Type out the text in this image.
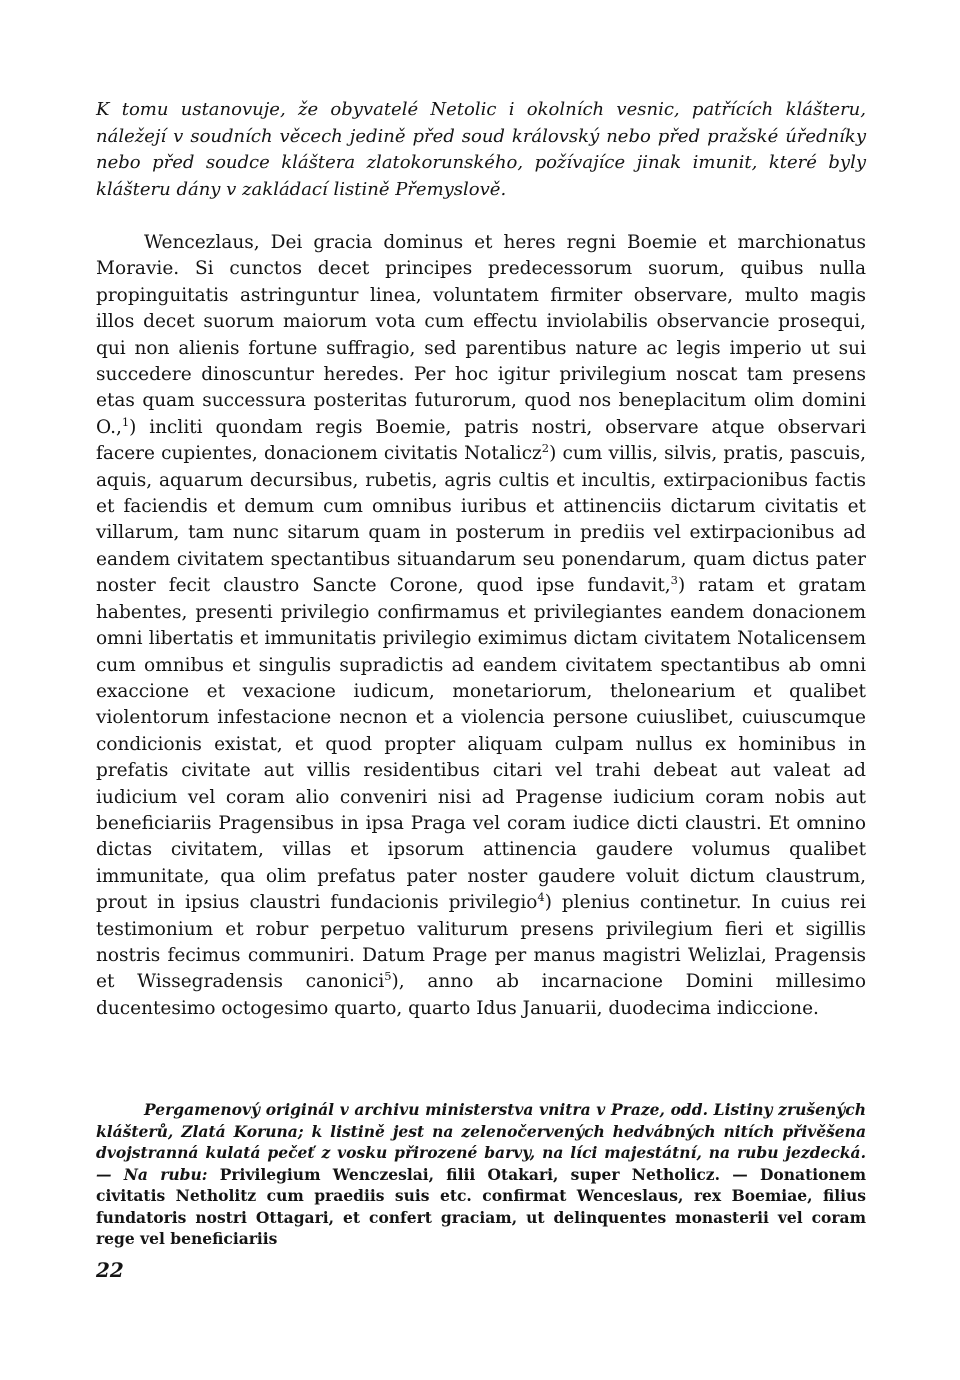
K tomu ustanovuje, že obyvatelé Netolic i okolních vesnic, patřících klášteru, náležejí v soudních věcech jedině před soud královský nebo před pražské úředníky nebo před soudce kláštera zlatokorunského, požívajíce jinak imunit, které byly klášteru dány v zakládací listině Přemyslově.

Wencezlaus, Dei gracia dominus et heres regni Boemie et marchionatus Moravie. Si cunctos decet principes predecessorum suorum, quibus nulla propinguitatis astringuntur linea, voluntatem firmiter observare, multo magis illos decet suorum maiorum vota cum effectu inviolabilis observancie prosequi, qui non alienis fortune suffragio, sed parentibus nature ac legis imperio ut sui succedere dinoscuntur heredes. Per hoc igitur privilegium noscat tam presens etas quam successura posteritas futurorum, quod nos beneplacitum olim domini O.,$^1$) incliti quondam regis Boemie, patris nostri, observare atque observari facere cupientes, donacionem civitatis Notalicz$^2$) cum villis, silvis, pratis, pascuis, aquis, aquarum decursibus, rubetis, agris cultis et incultis, extirpacionibus factis et faciendis et demum cum omnibus iuribus et attinenciis dictarum civitatis et villarum, tam nunc sitarum quam in posterum in prediis vel extirpacionibus ad eandem civitatem spectantibus situandarum seu ponendarum, quam dictus pater noster fecit claustro Sancte Corone, quod ipse fundavit,$^3$) ratam et gratam habentes, presenti privilegio confirmamus et privilegiantes eandem donacionem omni libertatis et immunitatis privilegio eximimus dictam civitatem Notalicensem cum omnibus et singulis supradictis ad eandem civitatem spectantibus ab omni exaccione et vexacione iudicum, monetariorum, thelonearium et qualibet violentorum infestacione necnon et a violencia persone cuiuslibet, cuiuscumque condicionis existat, et quod propter aliquam culpam nullus ex hominibus in prefatis civitate aut villis residentibus citari vel trahi debeat aut valeat ad iudicium vel coram alio conveniri nisi ad Pragense iudicium coram nobis aut beneficiariis Pragensibus in ipsa Praga vel coram iudice dicti claustri. Et omnino dictas civitatem, villas et ipsorum attinencia gaudere volumus qualibet immunitate, qua olim prefatus pater noster gaudere voluit dictum claustrum, prout in ipsius claustri fundacionis privilegio$^4$) plenius continetur. In cuius rei testimonium et robur perpetuo valiturum presens privilegium fieri et sigillis nostris fecimus communiri. Datum Prage per manus magistri Welizlai, Pragensis et Wissegradensis canonici$^5$), anno ab incarnacione Domini millesimo ducentesimo octogesimo quarto, quarto Idus Januarii, duodecima indiccione.

Pergamenový originál v archivu ministerstva vnitra v Praze, odd. Listiny zrušených klášterů, Zlatá Koruna; k listině jest na zelenočervených hedvábných nitích přivěšena dvojstranná kulatá pečeť z vosku přirozené barvy, na líci majestátní, na rubu jezdecká. — Na rubu: Privilegium Wenczeslai, filii Otakari, super Netholicz. — Donationem civitatis Netholitz cum praediis suis etc. confirmat Wenceslaus, rex Boemiae, filius fundatoris nostri Ottagari, et confert graciam, ut delinquentes monasterii vel coram rege vel beneficiariis

22
